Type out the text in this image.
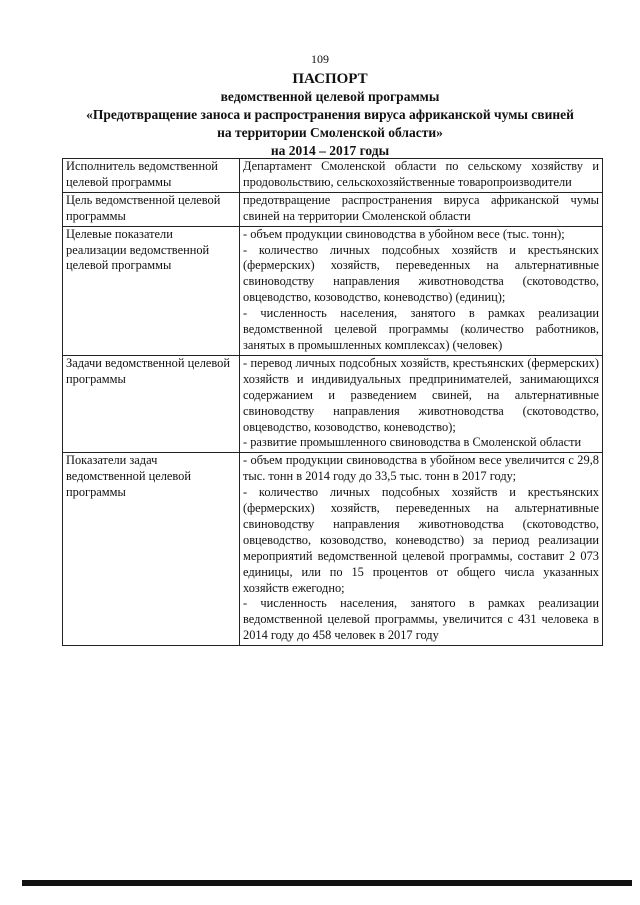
109
ПАСПОРТ
ведомственной целевой программы
«Предотвращение заноса и распространения вируса африканской чумы свиней
на территории Смоленской области»
на 2014 – 2017 годы
Исполнитель ведомственной целевой программы	Департамент Смоленской области по сельскому хозяйству и продовольствию, сельскохозяйственные товаропроизводители

Цель ведомственной целевой программы	предотвращение распространения вируса африканской чумы свиней на территории Смоленской области

Целевые показатели реализации ведомственной целевой программы	- объем продукции свиноводства в убойном весе (тыс. тонн);
- количество личных подсобных хозяйств и крестьянских (фермерских) хозяйств, переведенных на альтернативные свиноводству направления животноводства (скотоводство, овцеводство, козоводство, коневодство) (единиц);
- численность населения, занятого в рамках реализации ведомственной целевой программы (количество работников, занятых в промышленных комплексах) (человек)

Задачи ведомственной целевой программы	- перевод личных подсобных хозяйств, крестьянских (фермерских) хозяйств и индивидуальных предпринимателей, занимающихся содержанием и разведением свиней, на альтернативные свиноводству направления животноводства (скотоводство, овцеводство, козоводство, коневодство);
- развитие промышленного свиноводства в Смоленской области

Показатели задач ведомственной целевой программы	- объем продукции свиноводства в убойном весе увеличится с 29,8 тыс. тонн в 2014 году до 33,5 тыс. тонн в 2017 году;
- количество личных подсобных хозяйств и крестьянских (фермерских) хозяйств, переведенных на альтернативные свиноводству направления животноводства (скотоводство, овцеводство, козоводство, коневодство) за период реализации мероприятий ведомственной целевой программы, составит 2 073 единицы, или по 15 процентов от общего числа указанных хозяйств ежегодно;
- численность населения, занятого в рамках реализации ведомственной целевой программы, увеличится с 431 человека в 2014 году до 458 человек в 2017 году
